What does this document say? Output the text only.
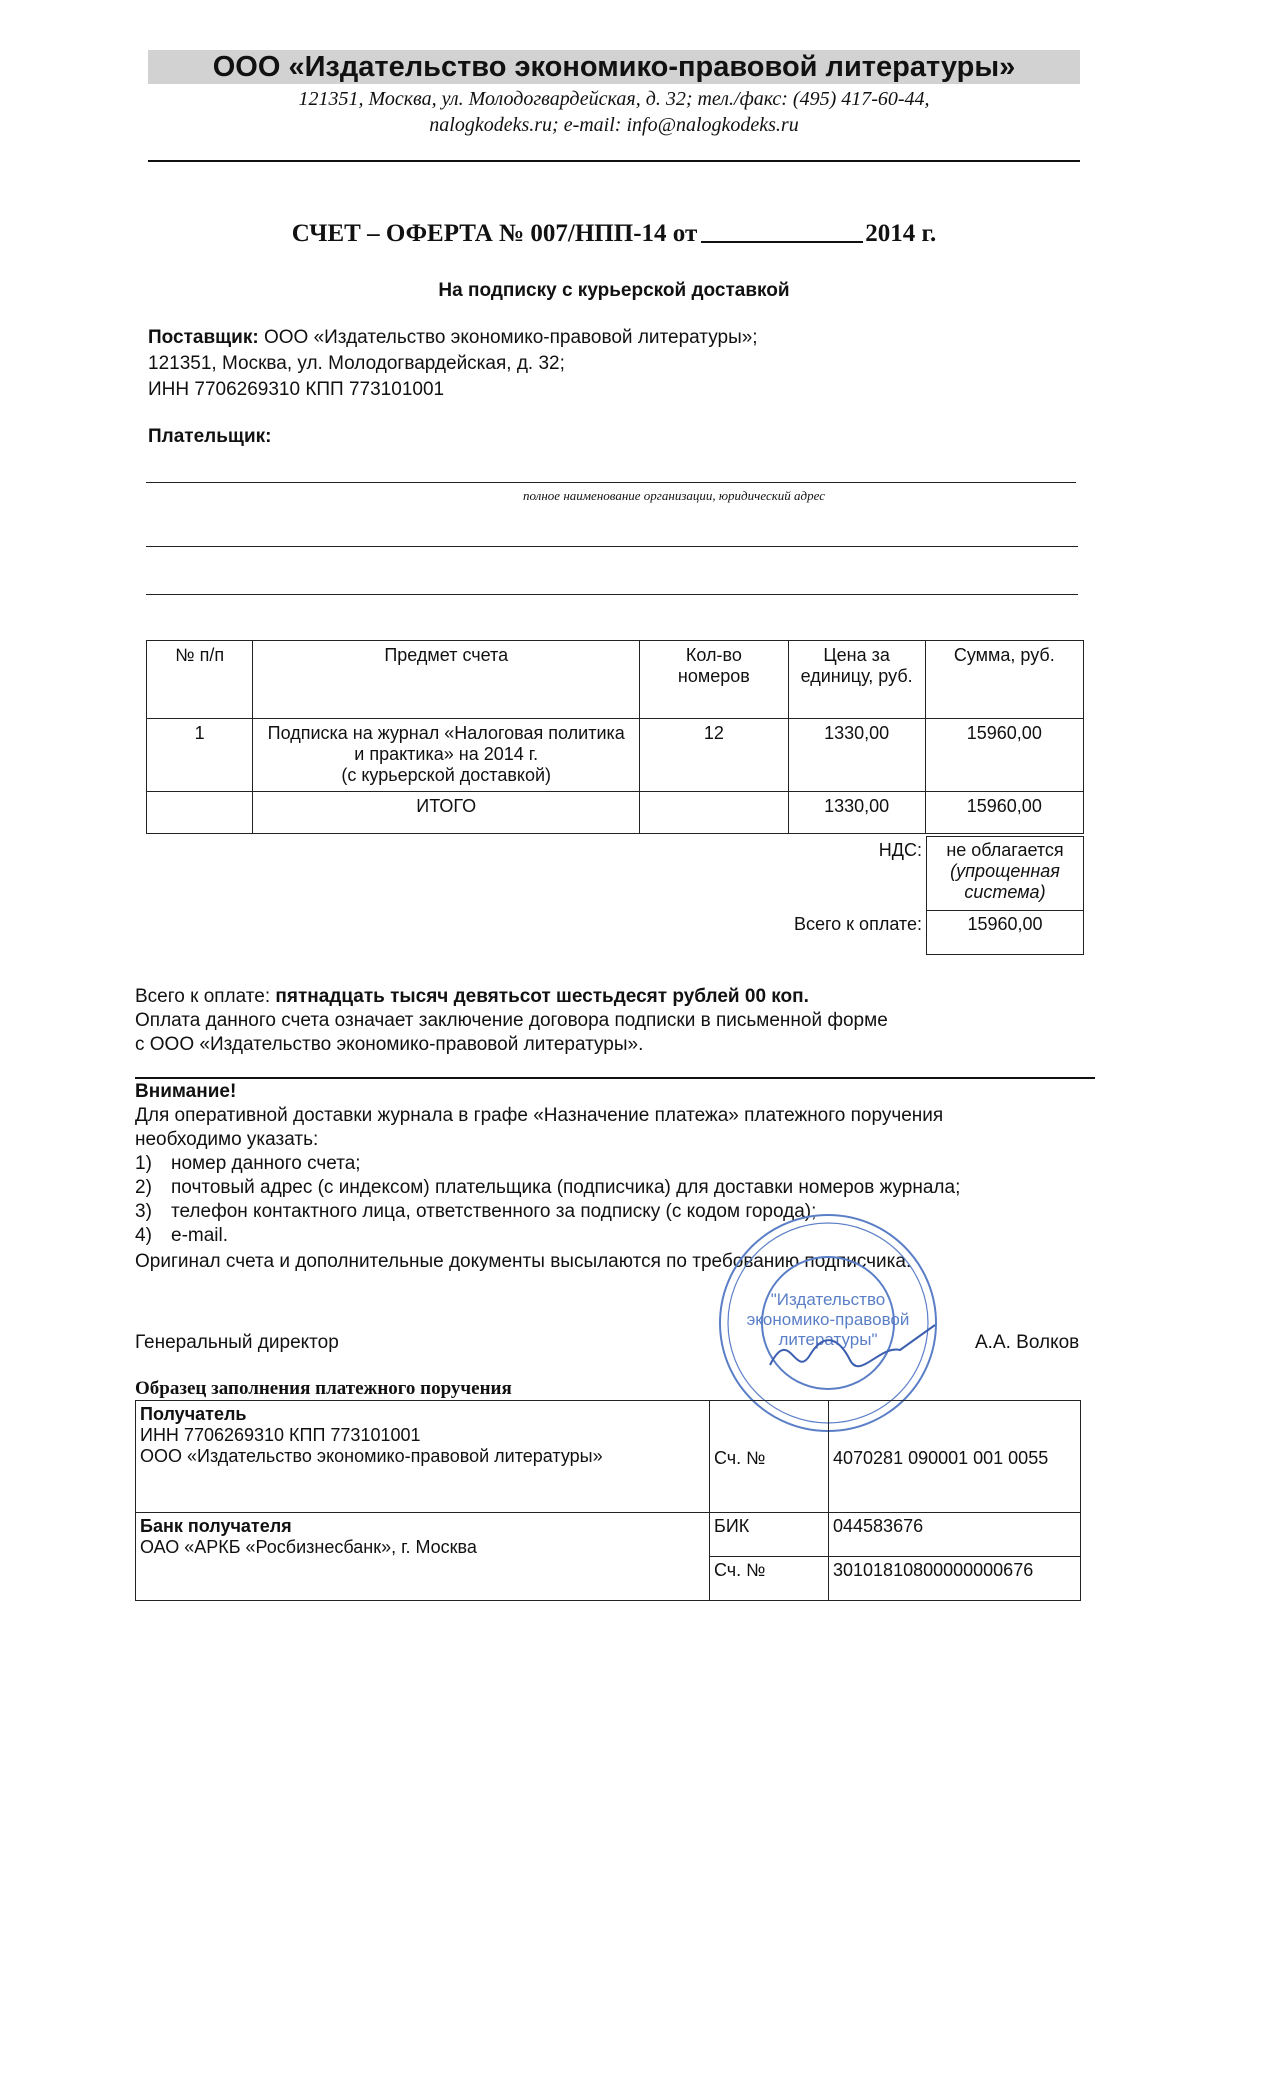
ООО «Издательство экономико-правовой литературы»
121351, Москва, ул. Молодогвардейская, д. 32; тел./факс: (495) 417-60-44,
nalogkodeks.ru; e-mail: info@nalogkodeks.ru
СЧЕТ – ОФЕРТА № 007/НПП-14 от	2014 г.
На подписку с курьерской доставкой
Поставщик: ООО «Издательство экономико-правовой литературы»;
121351, Москва, ул. Молодогвардейская, д. 32;
ИНН 7706269310 КПП 773101001
Плательщик:
полное наименование организации, юридический адрес
№ п/п	Предмет счета	Кол-во номеров	Цена за единицу, руб.	Сумма, руб.
1	Подписка на журнал «Налоговая политика
и практика» на 2014 г.
(с курьерской доставкой)	12	1330,00	15960,00
	ИТОГО		1330,00	15960,00
НДС:	не облагается
(упрощенная
система)

Всего к оплате:	15960,00
Всего к оплате: пятнадцать тысяч девятьсот шестьдесят рублей 00 коп.
Оплата данного счета означает заключение договора подписки в письменной форме
с ООО «Издательство экономико-правовой литературы».
Внимание!
Для оперативной доставки журнала в графе «Назначение платежа» платежного поручения
необходимо указать:
1) номер данного счета;
2) почтовый адрес (с индексом) плательщика (подписчика) для доставки номеров журнала;
3) телефон контактного лица, ответственного за подписку (с кодом города);
4) e-mail.
Оригинал счета и дополнительные документы высылаются по требованию подписчика.
"Издательство
экономико-правовой
литературы"
Генеральный директор	А.А. Волков
Образец заполнения платежного поручения
Получатель
ИНН 7706269310 КПП 773101001
ООО «Издательство экономико-правовой литературы»	Сч. №	4070281 090001 001 0055

Банк получателя
ОАО «АРКБ «Росбизнесбанк», г. Москва	БИК	044583676
	Сч. №	30101810800000000676
